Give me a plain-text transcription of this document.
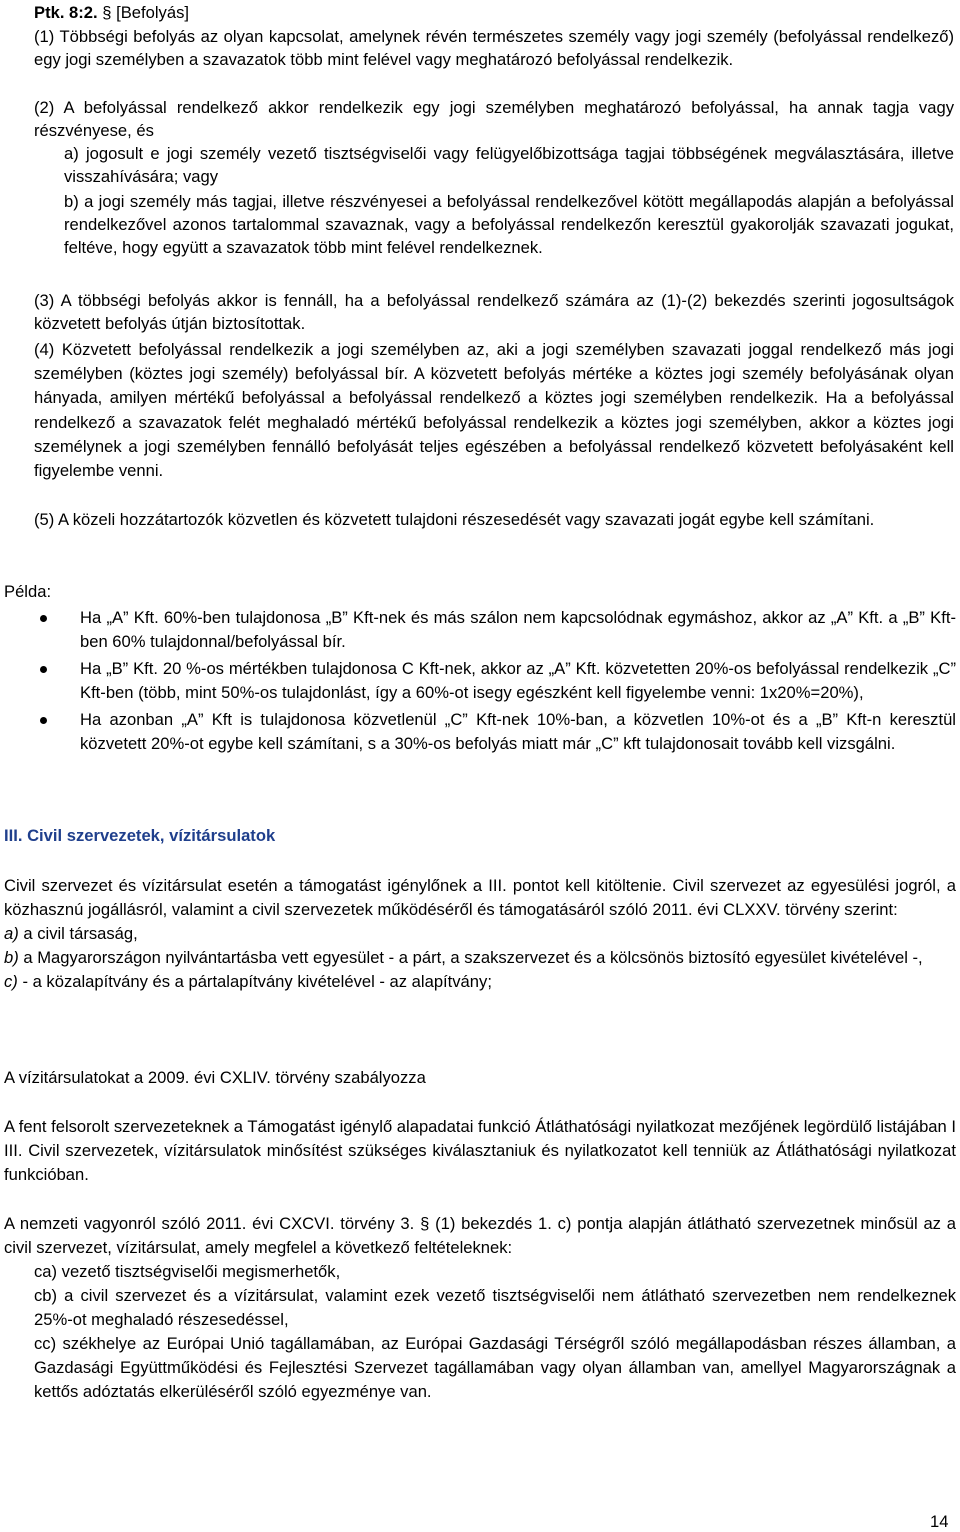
Ptk. 8:2. § [Befolyás]

(1) Többségi befolyás az olyan kapcsolat, amelynek révén természetes személy vagy jogi személy (befolyással rendelkező) egy jogi személyben a szavazatok több mint felével vagy meghatározó befolyással rendelkezik.

(2) A befolyással rendelkező akkor rendelkezik egy jogi személyben meghatározó befolyással, ha annak tagja vagy részvényese, és

a) jogosult e jogi személy vezető tisztségviselői vagy felügyelőbizottsága tagjai többségének megválasztására, illetve visszahívására; vagy

b) a jogi személy más tagjai, illetve részvényesei a befolyással rendelkezővel kötött megállapodás alapján a befolyással rendelkezővel azonos tartalommal szavaznak, vagy a befolyással rendelkezőn keresztül gyakorolják szavazati jogukat, feltéve, hogy együtt a szavazatok több mint felével rendelkeznek.

(3) A többségi befolyás akkor is fennáll, ha a befolyással rendelkező számára az (1)-(2) bekezdés szerinti jogosultságok közvetett befolyás útján biztosítottak.

(4) Közvetett befolyással rendelkezik a jogi személyben az, aki a jogi személyben szavazati joggal rendelkező más jogi személyben (köztes jogi személy) befolyással bír. A közvetett befolyás mértéke a köztes jogi személy befolyásának olyan hányada, amilyen mértékű befolyással a befolyással rendelkező a köztes jogi személyben rendelkezik. Ha a befolyással rendelkező a szavazatok felét meghaladó mértékű befolyással rendelkezik a köztes jogi személyben, akkor a köztes jogi személynek a jogi személyben fennálló befolyását teljes egészében a befolyással rendelkező közvetett befolyásaként kell figyelembe venni.

(5) A közeli hozzátartozók közvetlen és közvetett tulajdoni részesedését vagy szavazati jogát egybe kell számítani.

Példa:

Ha „A” Kft. 60%-ben tulajdonosa „B” Kft-nek és más szálon nem kapcsolódnak egymáshoz, akkor az „A” Kft. a „B” Kft-ben 60% tulajdonnal/befolyással bír.

Ha „B” Kft. 20 %-os mértékben tulajdonosa C Kft-nek, akkor az „A” Kft. közvetetten 20%-os befolyással rendelkezik „C” Kft-ben (több, mint 50%-os tulajdonlást, így a 60%-ot isegy egészként kell figyelembe venni: 1x20%=20%),

Ha azonban „A” Kft is tulajdonosa közvetlenül „C” Kft-nek 10%-ban, a közvetlen 10%-ot és a „B” Kft-n keresztül közvetett 20%-ot egybe kell számítani, s a 30%-os befolyás miatt már „C” kft tulajdonosait tovább kell vizsgálni.

III. Civil szervezetek, vízitársulatok

Civil szervezet és vízitársulat esetén a támogatást igénylőnek a III. pontot kell kitöltenie. Civil szervezet az egyesülési jogról, a közhasznú jogállásról, valamint a civil szervezetek működéséről és támogatásáról szóló 2011. évi CLXXV. törvény szerint:

a) a civil társaság,

b) a Magyarországon nyilvántartásba vett egyesület - a párt, a szakszervezet és a kölcsönös biztosító egyesület kivételével -,

c) - a közalapítvány és a pártalapítvány kivételével - az alapítvány;

A vízitársulatokat a 2009. évi CXLIV. törvény szabályozza

A fent felsorolt szervezeteknek a Támogatást igénylő alapadatai funkció Átláthatósági nyilatkozat mezőjének legördülő listájában I III. Civil szervezetek, vízitársulatok minősítést szükséges kiválasztaniuk és nyilatkozatot kell tenniük az Átláthatósági nyilatkozat funkcióban.

A nemzeti vagyonról szóló 2011. évi CXCVI. törvény 3. § (1) bekezdés 1. c) pontja alapján átlátható szervezetnek minősül az a civil szervezet, vízitársulat, amely megfelel a következő feltételeknek:

ca) vezető tisztségviselői megismerhetők,

cb) a civil szervezet és a vízitársulat, valamint ezek vezető tisztségviselői nem átlátható szervezetben nem rendelkeznek 25%-ot meghaladó részesedéssel,

cc) székhelye az Európai Unió tagállamában, az Európai Gazdasági Térségről szóló megállapodásban részes államban, a Gazdasági Együttműködési és Fejlesztési Szervezet tagállamában vagy olyan államban van, amellyel Magyarországnak a kettős adóztatás elkerüléséről szóló egyezménye van.

14
